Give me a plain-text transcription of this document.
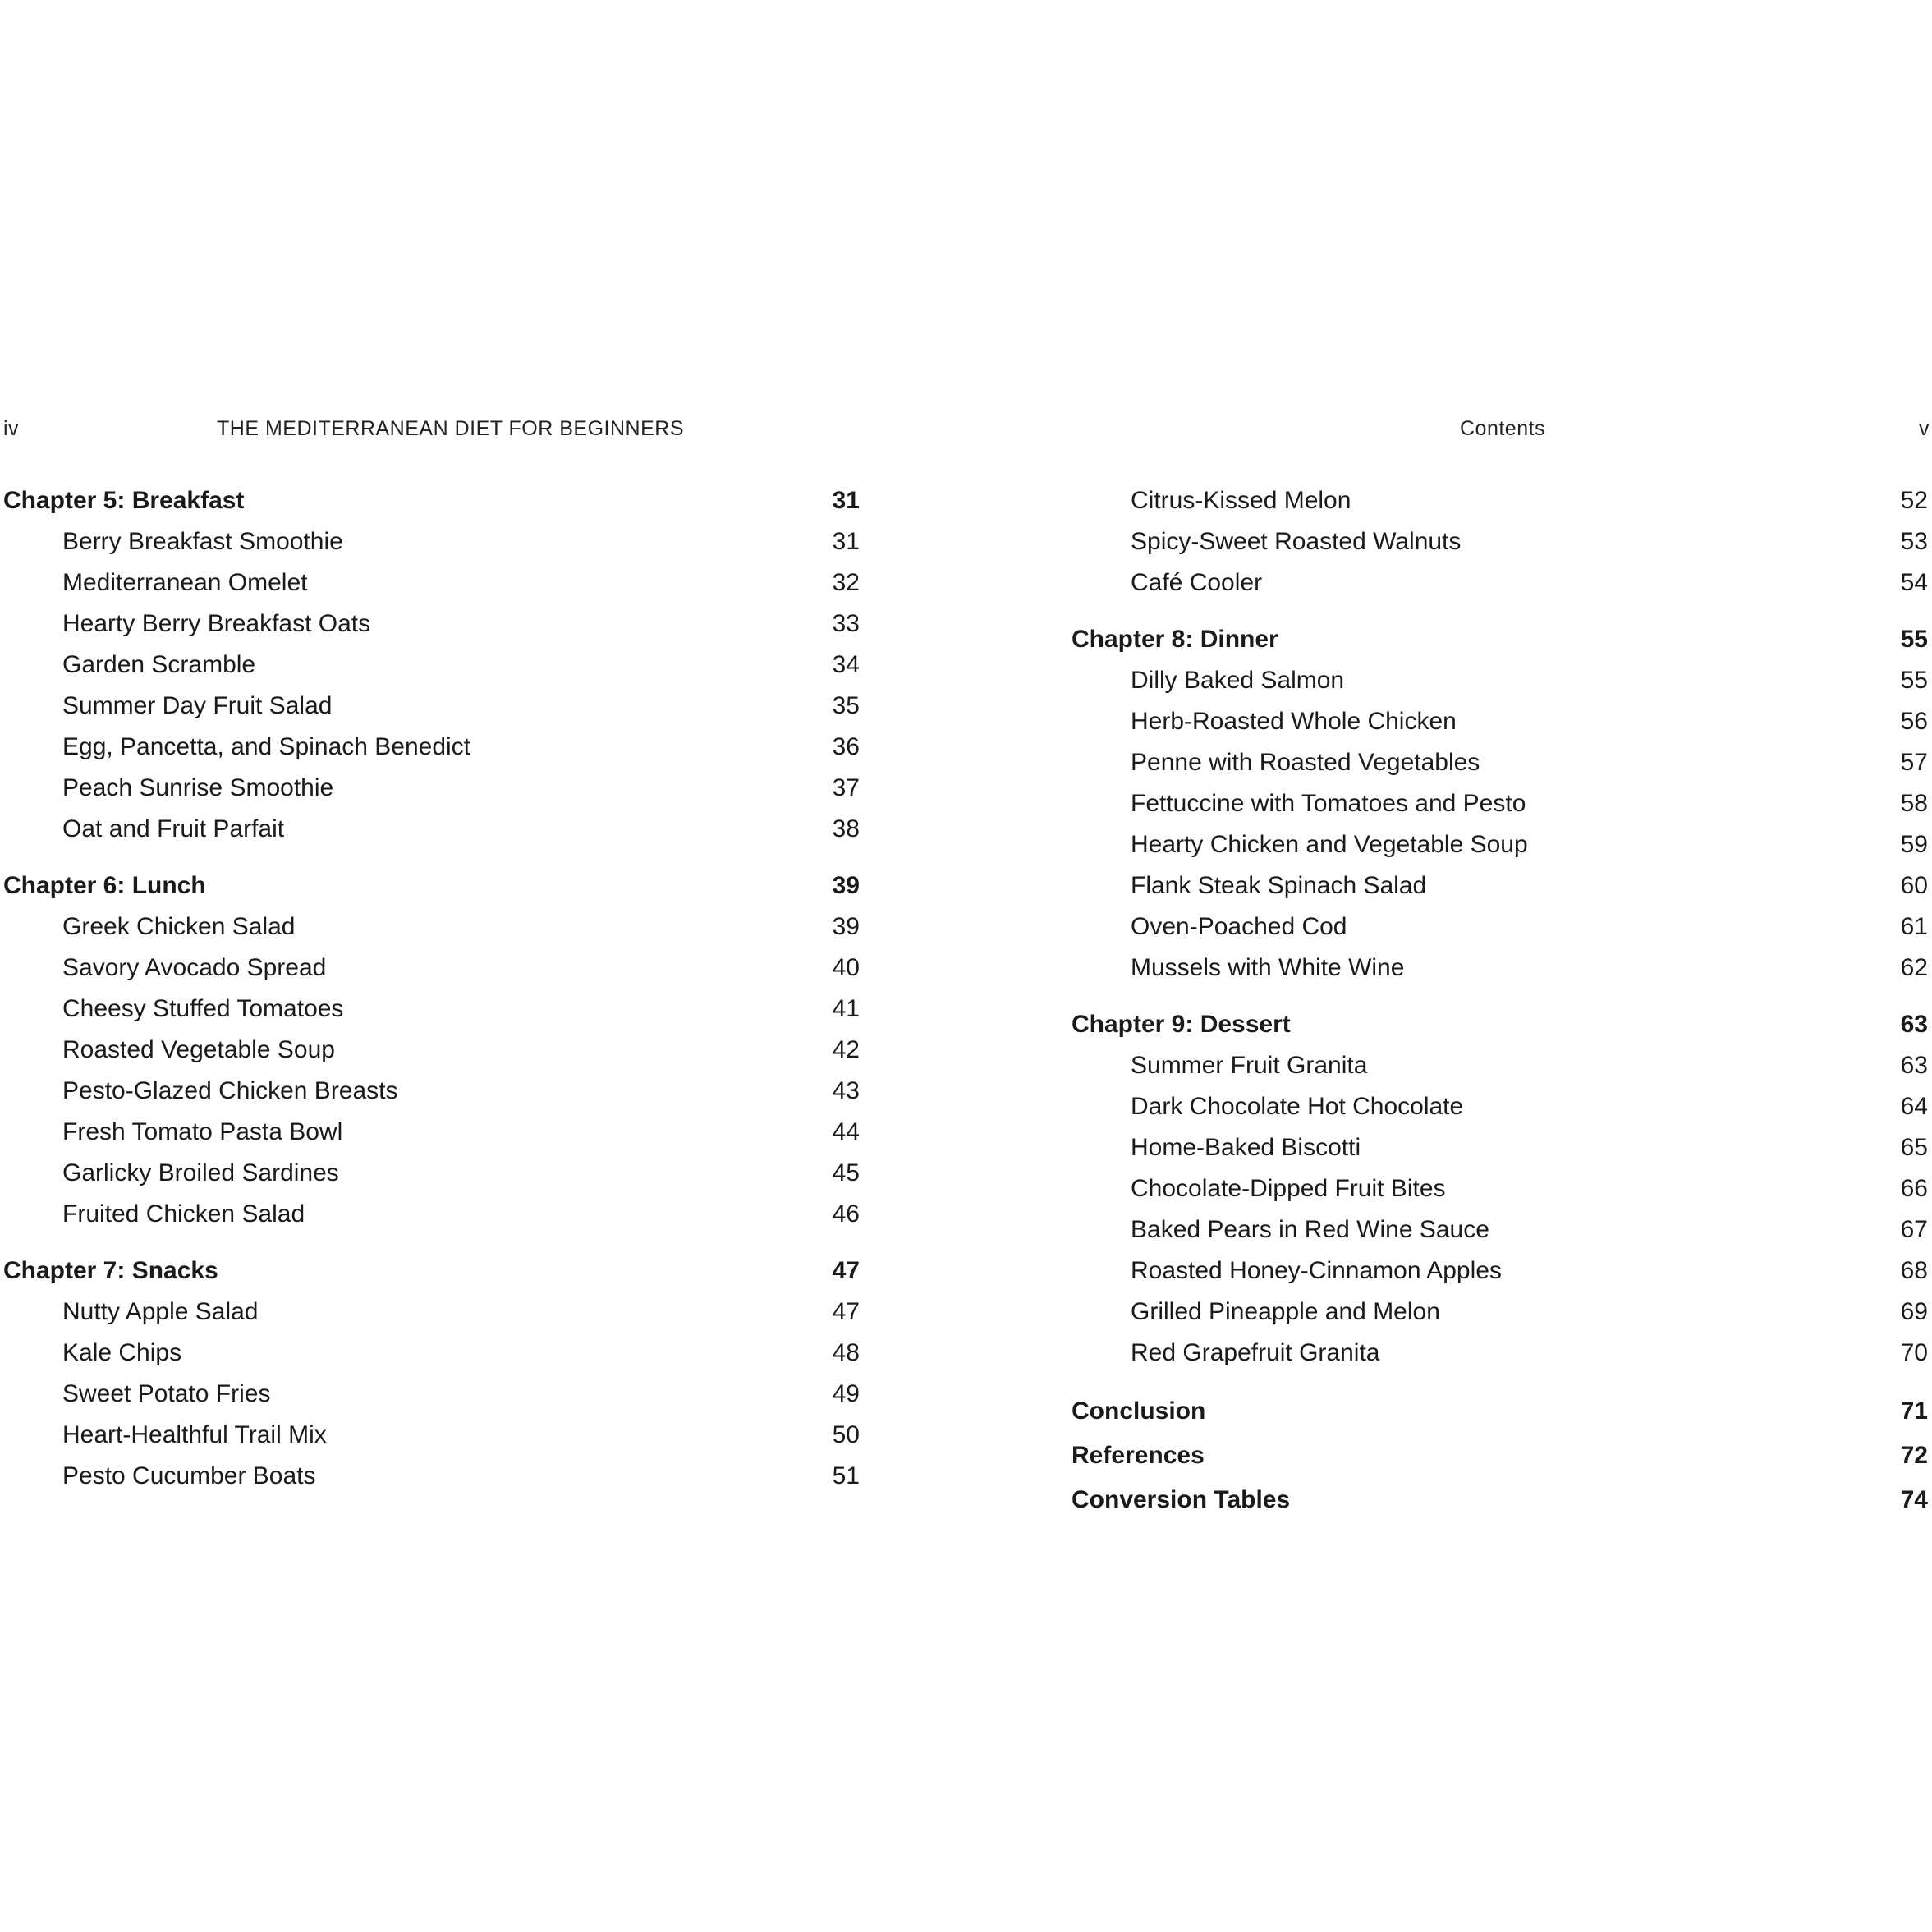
iv	THE MEDITERRANEAN DIET FOR BEGINNERS	Contents	v
Chapter 5: Breakfast	31
Berry Breakfast Smoothie	31
Mediterranean Omelet	32
Hearty Berry Breakfast Oats	33
Garden Scramble	34
Summer Day Fruit Salad	35
Egg, Pancetta, and Spinach Benedict	36
Peach Sunrise Smoothie	37
Oat and Fruit Parfait	38
Chapter 6: Lunch	39
Greek Chicken Salad	39
Savory Avocado Spread	40
Cheesy Stuffed Tomatoes	41
Roasted Vegetable Soup	42
Pesto-Glazed Chicken Breasts	43
Fresh Tomato Pasta Bowl	44
Garlicky Broiled Sardines	45
Fruited Chicken Salad	46
Chapter 7: Snacks	47
Nutty Apple Salad	47
Kale Chips	48
Sweet Potato Fries	49
Heart-Healthful Trail Mix	50
Pesto Cucumber Boats	51
Citrus-Kissed Melon	52
Spicy-Sweet Roasted Walnuts	53
Café Cooler	54
Chapter 8: Dinner	55
Dilly Baked Salmon	55
Herb-Roasted Whole Chicken	56
Penne with Roasted Vegetables	57
Fettuccine with Tomatoes and Pesto	58
Hearty Chicken and Vegetable Soup	59
Flank Steak Spinach Salad	60
Oven-Poached Cod	61
Mussels with White Wine	62
Chapter 9: Dessert	63
Summer Fruit Granita	63
Dark Chocolate Hot Chocolate	64
Home-Baked Biscotti	65
Chocolate-Dipped Fruit Bites	66
Baked Pears in Red Wine Sauce	67
Roasted Honey-Cinnamon Apples	68
Grilled Pineapple and Melon	69
Red Grapefruit Granita	70
Conclusion	71
References	72
Conversion Tables	74
